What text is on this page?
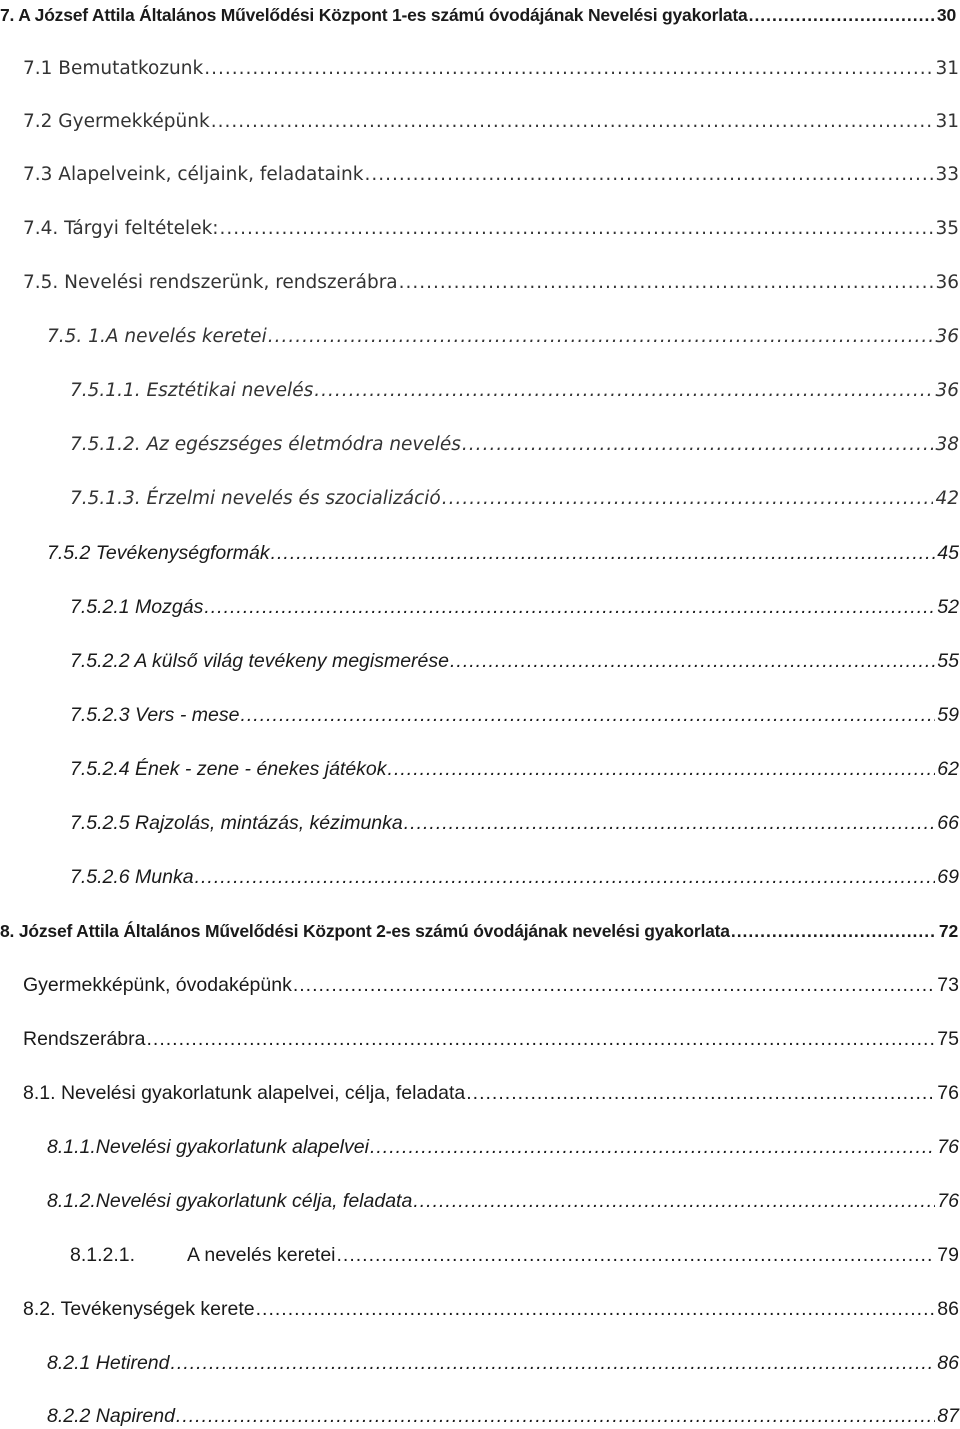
7. A József Attila Általános Művelődési Központ 1-es számú óvodájának Nevelési gyakorlata .....	30
7.1 Bemutatkozunk .....	31
7.2 Gyermekképünk .....	31
7.3 Alapelveink, céljaink, feladataink .....	33
7.4. Tárgyi feltételek: .....	35
7.5. Nevelési rendszerünk, rendszerábra .....	36
7.5. 1.A nevelés keretei .....	36
7.5.1.1. Esztétikai nevelés .....	36
7.5.1.2. Az egészséges életmódra nevelés .....	38
7.5.1.3. Érzelmi nevelés és szocializáció .....	42
7.5.2 Tevékenységformák .....	45
7.5.2.1 Mozgás .....	52
7.5.2.2 A külső világ tevékeny megismerése .....	55
7.5.2.3 Vers - mese .....	59
7.5.2.4 Ének - zene - énekes játékok .....	62
7.5.2.5 Rajzolás, mintázás, kézimunka .....	66
7.5.2.6 Munka .....	69
8. József Attila Általános Művelődési Központ 2-es számú óvodájának nevelési gyakorlata .....	72
Gyermekképünk, óvodaképünk .....	73
Rendszerábra .....	75
8.1. Nevelési gyakorlatunk alapelvei, célja, feladata .....	76
8.1.1.Nevelési gyakorlatunk alapelvei .....	76
8.1.2.Nevelési gyakorlatunk célja, feladata .....	76
8.1.2.1.	A nevelés keretei .....	79
8.2. Tevékenységek kerete .....	86
8.2.1 Hetirend .....	86
8.2.2 Napirend .....	87
